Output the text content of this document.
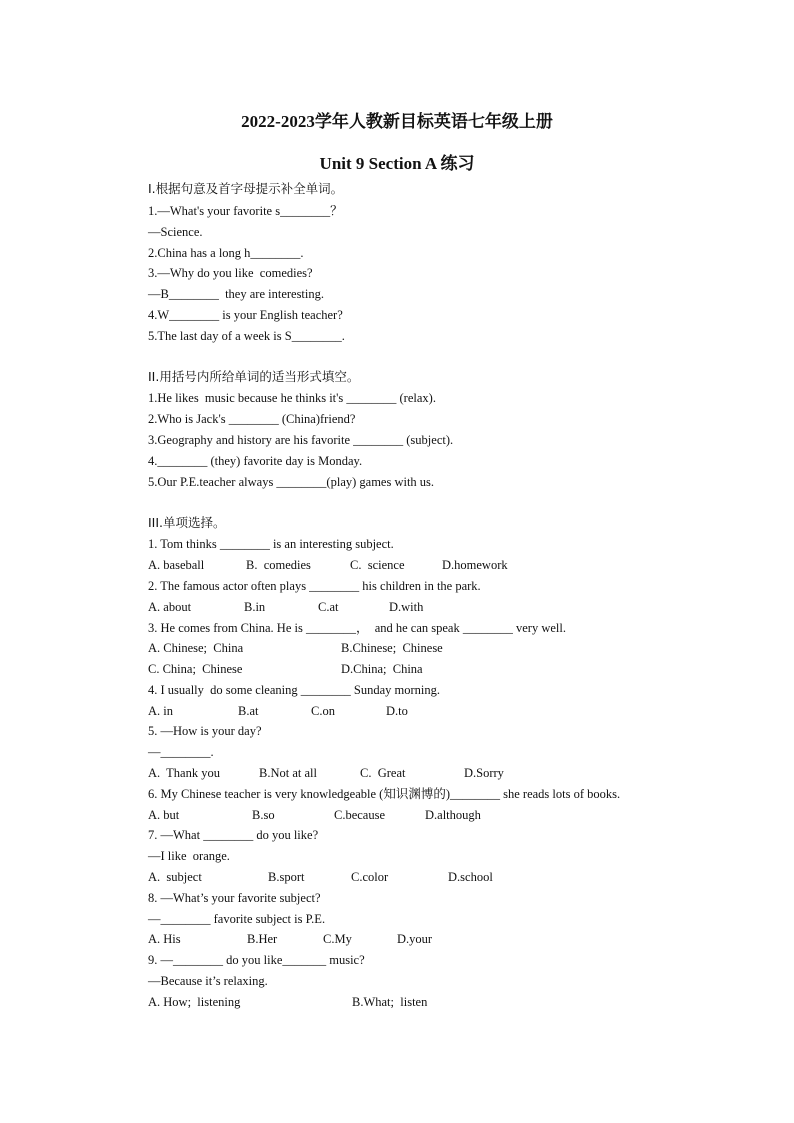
2022-2023学年人教新目标英语七年级上册
Unit 9 Section A 练习
I.根据句意及首字母提示补全单词。
1.—What's your favorite s________？
—Science.
2.China has a long h________.
3.—Why do you like  comedies?
—B________  they are interesting.
4.W________ is your English teacher?
5.The last day of a week is S________.
II.用括号内所给单词的适当形式填空。
1.He likes  music because he thinks it's ________ (relax).
2.Who is Jack's ________ (China)friend?
3.Geography and history are his favorite ________ (subject).
4.________ (they) favorite day is Monday.
5.Our P.E.teacher always ________(play) games with us.
III.单项选择。
1. Tom thinks ________ is an interesting subject.
A. baseball	B.  comedies	C.  science	D.homework
2. The famous actor often plays ________ his children in the park.
A. about	B.in	C.at	D.with
3. He comes from China. He is ________，  and he can speak ________ very well.
A. Chinese;  China	B.Chinese;  Chinese
C. China;  Chinese	D.China;  China
4. I usually  do some cleaning ________ Sunday morning.
A. in	B.at	C.on	D.to
5. —How is your day?
—________.
A.  Thank you	B.Not at all	C.  Great	D.Sorry
6. My Chinese teacher is very knowledgeable (知识渊博的)________ she reads lots of books.
A. but	B.so	C.because	D.although
7. —What ________ do you like?
—I like  orange.
A.  subject	B.sport	C.color	D.school
8. —What’s your favorite subject?
—________ favorite subject is P.E.
A. His	B.Her	C.My	D.your
9. —________ do you like_______ music?
—Because it’s relaxing.
A. How;  listening	B.What;  listen
